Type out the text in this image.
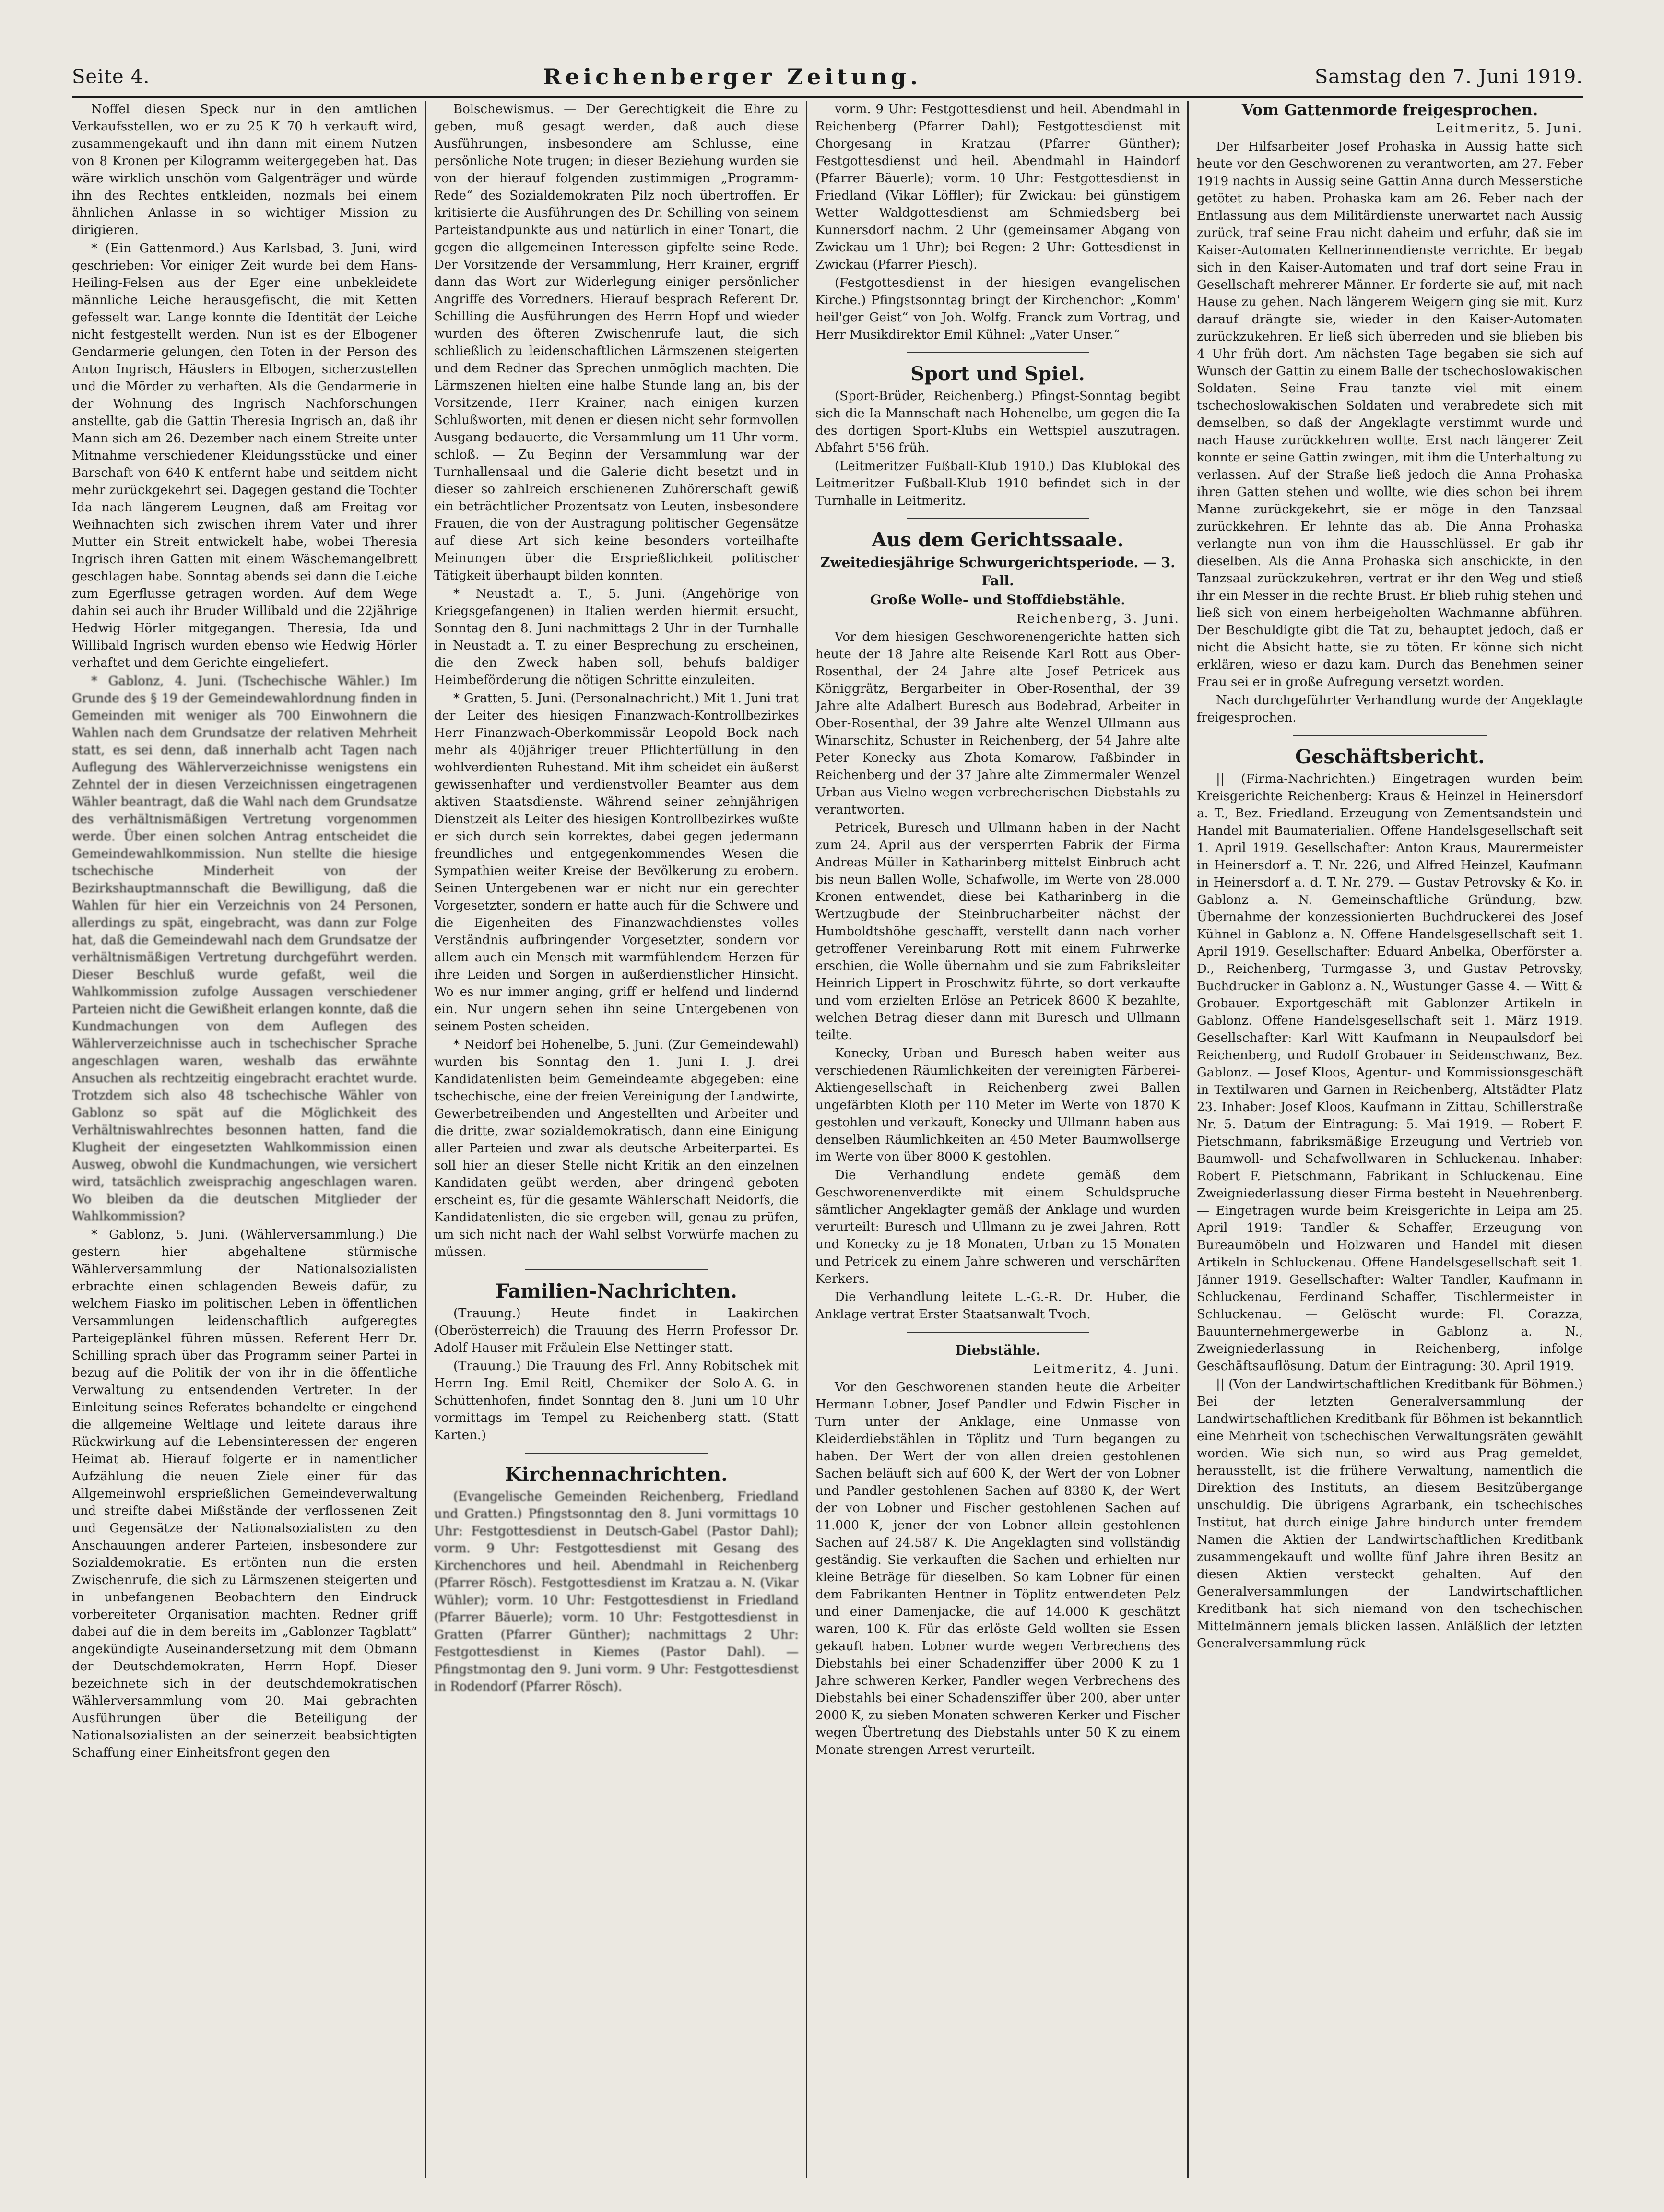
Seite 4.	Reichenberger Zeitung.	Samstag den 7. Juni 1919.

Noffel diesen Speck nur in den amtlichen Verkaufsstellen, wo er zu 25 K 70 h verkauft wird, zusammengekauft und ihn dann mit einem Nutzen von 8 Kronen per Kilogramm weitergegeben hat. Das wäre wirklich unschön vom Galgenträger und würde ihn des Rechtes entkleiden, nozmals bei einem ähnlichen Anlasse in so wichtiger Mission zu dirigieren.

* (Ein Gattenmord.) Aus Karlsbad, 3. Juni, wird geschrieben: Vor einiger Zeit wurde bei dem Hans-Heiling-Felsen aus der Eger eine unbekleidete männliche Leiche herausgefischt, die mit Ketten gefesselt war. Lange konnte die Identität der Leiche nicht festgestellt werden. Nun ist es der Elbogener Gendarmerie gelungen, den Toten in der Person des Anton Ingrisch, Häuslers in Elbogen, sicherzustellen und die Mörder zu verhaften. Als die Gendarmerie in der Wohnung des Ingrisch Nachforschungen anstellte, gab die Gattin Theresia Ingrisch an, daß ihr Mann sich am 26. Dezember nach einem Streite unter Mitnahme verschiedener Kleidungsstücke und einer Barschaft von 640 K entfernt habe und seitdem nicht mehr zurückgekehrt sei. Dagegen gestand die Tochter Ida nach längerem Leugnen, daß am Freitag vor Weihnachten sich zwischen ihrem Vater und ihrer Mutter ein Streit entwickelt habe, wobei Theresia Ingrisch ihren Gatten mit einem Wäschemangelbrett geschlagen habe. Sonntag abends sei dann die Leiche zum Egerflusse getragen worden. Auf dem Wege dahin sei auch ihr Bruder Willibald und die 22jährige Hedwig Hörler mitgegangen. Theresia, Ida und Willibald Ingrisch wurden ebenso wie Hedwig Hörler verhaftet und dem Gerichte eingeliefert.

* Gablonz, 4. Juni. (Tschechische Wähler.) Im Grunde des § 19 der Gemeindewahlordnung finden in Gemeinden mit weniger als 700 Einwohnern die Wahlen nach dem Grundsatze der relativen Mehrheit statt, es sei denn, daß innerhalb acht Tagen nach Auflegung des Wählerverzeichnisse wenigstens ein Zehntel der in diesen Verzeichnissen eingetragenen Wähler beantragt, daß die Wahl nach dem Grundsatze des verhältnismäßigen Vertretung vorgenommen werde. Über einen solchen Antrag entscheidet die Gemeindewahlkommission. Nun stellte die hiesige tschechische Minderheit von der Bezirkshauptmannschaft die Bewilligung, daß die Wahlen für hier ein Verzeichnis von 24 Personen, allerdings zu spät, eingebracht, was dann zur Folge hat, daß die Gemeindewahl nach dem Grundsatze der verhältnismäßigen Vertretung durchgeführt werden. Dieser Beschluß wurde gefaßt, weil die Wahlkommission zufolge Aussagen verschiedener Parteien nicht die Gewißheit erlangen konnte, daß die Kundmachungen von dem Auflegen des Wählerverzeichnisse auch in tschechischer Sprache angeschlagen waren, weshalb das erwähnte Ansuchen als rechtzeitig eingebracht erachtet wurde. Trotzdem sich also 48 tschechische Wähler von Gablonz so spät auf die Möglichkeit des Verhältniswahlrechtes besonnen hatten, fand die Klugheit der eingesetzten Wahlkommission einen Ausweg, obwohl die Kundmachungen, wie versichert wird, tatsächlich zweisprachig angeschlagen waren. Wo bleiben da die deutschen Mitglieder der Wahlkommission?

* Gablonz, 5. Juni. (Wählerversammlung.) Die gestern hier abgehaltene stürmische Wählerversammlung der Nationalsozialisten erbrachte einen schlagenden Beweis dafür, zu welchem Fiasko im politischen Leben in öffentlichen Versammlungen leidenschaftlich aufgeregtes Parteigeplänkel führen müssen. Referent Herr Dr. Schilling sprach über das Programm seiner Partei in bezug auf die Politik der von ihr in die öffentliche Verwaltung zu entsendenden Vertreter. In der Einleitung seines Referates behandelte er eingehend die allgemeine Weltlage und leitete daraus ihre Rückwirkung auf die Lebensinteressen der engeren Heimat ab. Hierauf folgerte er in namentlicher Aufzählung die neuen Ziele einer für das Allgemeinwohl ersprießlichen Gemeindeverwaltung und streifte dabei Mißstände der verflossenen Zeit und Gegensätze der Nationalsozialisten zu den Anschauungen anderer Parteien, insbesondere zur Sozialdemokratie. Es ertönten nun die ersten Zwischenrufe, die sich zu Lärmszenen steigerten und in unbefangenen Beobachtern den Eindruck vorbereiteter Organisation machten. Redner griff dabei auf die in dem bereits im „Gablonzer Tagblatt“ angekündigte Auseinandersetzung mit dem Obmann der Deutschdemokraten, Herrn Hopf. Dieser bezeichnete sich in der deutschdemokratischen Wählerversammlung vom 20. Mai gebrachten Ausführungen über die Beteiligung der Nationalsozialisten an der seinerzeit beabsichtigten Schaffung einer Einheitsfront gegen den

Bolschewismus. — Der Gerechtigkeit die Ehre zu geben, muß gesagt werden, daß auch diese Ausführungen, insbesondere am Schlusse, eine persönliche Note trugen; in dieser Beziehung wurden sie von der hierauf folgenden zustimmigen „Programm-Rede“ des Sozialdemokraten Pilz noch übertroffen. Er kritisierte die Ausführungen des Dr. Schilling von seinem Parteistandpunkte aus und natürlich in einer Tonart, die gegen die allgemeinen Interessen gipfelte seine Rede. Der Vorsitzende der Versammlung, Herr Krainer, ergriff dann das Wort zur Widerlegung einiger persönlicher Angriffe des Vorredners. Hierauf besprach Referent Dr. Schilling die Ausführungen des Herrn Hopf und wieder wurden des öfteren Zwischenrufe laut, die sich schließlich zu leidenschaftlichen Lärmszenen steigerten und dem Redner das Sprechen unmöglich machten. Die Lärmszenen hielten eine halbe Stunde lang an, bis der Vorsitzende, Herr Krainer, nach einigen kurzen Schlußworten, mit denen er diesen nicht sehr formvollen Ausgang bedauerte, die Versammlung um 11 Uhr vorm. schloß. — Zu Beginn der Versammlung war der Turnhallensaal und die Galerie dicht besetzt und in dieser so zahlreich erschienenen Zuhörerschaft gewiß ein beträchtlicher Prozentsatz von Leuten, insbesondere Frauen, die von der Austragung politischer Gegensätze auf diese Art sich keine besonders vorteilhafte Meinungen über die Ersprießlichkeit politischer Tätigkeit überhaupt bilden konnten.

* Neustadt a. T., 5. Juni. (Angehörige von Kriegsgefangenen) in Italien werden hiermit ersucht, Sonntag den 8. Juni nachmittags 2 Uhr in der Turnhalle in Neustadt a. T. zu einer Besprechung zu erscheinen, die den Zweck haben soll, behufs baldiger Heimbeförderung die nötigen Schritte einzuleiten.

* Gratten, 5. Juni. (Personalnachricht.) Mit 1. Juni trat der Leiter des hiesigen Finanzwach-Kontrollbezirkes Herr Finanzwach-Oberkommissär Leopold Bock nach mehr als 40jähriger treuer Pflichterfüllung in den wohlverdienten Ruhestand. Mit ihm scheidet ein äußerst gewissenhafter und verdienstvoller Beamter aus dem aktiven Staatsdienste. Während seiner zehnjährigen Dienstzeit als Leiter des hiesigen Kontrollbezirkes wußte er sich durch sein korrektes, dabei gegen jedermann freundliches und entgegenkommendes Wesen die Sympathien weiter Kreise der Bevölkerung zu erobern. Seinen Untergebenen war er nicht nur ein gerechter Vorgesetzter, sondern er hatte auch für die Schwere und die Eigenheiten des Finanzwachdienstes volles Verständnis aufbringender Vorgesetzter, sondern vor allem auch ein Mensch mit warmfühlendem Herzen für ihre Leiden und Sorgen in außerdienstlicher Hinsicht. Wo es nur immer anging, griff er helfend und lindernd ein. Nur ungern sehen ihn seine Untergebenen von seinem Posten scheiden.

* Neidorf bei Hohenelbe, 5. Juni. (Zur Gemeindewahl) wurden bis Sonntag den 1. Juni I. J. drei Kandidatenlisten beim Gemeindeamte abgegeben: eine tschechische, eine der freien Vereinigung der Landwirte, Gewerbetreibenden und Angestellten und Arbeiter und die dritte, zwar sozialdemokratisch, dann eine Einigung aller Parteien und zwar als deutsche Arbeiterpartei. Es soll hier an dieser Stelle nicht Kritik an den einzelnen Kandidaten geübt werden, aber dringend geboten erscheint es, für die gesamte Wählerschaft Neidorfs, die Kandidatenlisten, die sie ergeben will, genau zu prüfen, um sich nicht nach der Wahl selbst Vorwürfe machen zu müssen.

Familien-Nachrichten.

(Trauung.) Heute findet in Laakirchen (Oberösterreich) die Trauung des Herrn Professor Dr. Adolf Hauser mit Fräulein Else Nettinger statt.

(Trauung.) Die Trauung des Frl. Anny Robitschek mit Herrn Ing. Emil Reitl, Chemiker der Solo-A.-G. in Schüttenhofen, findet Sonntag den 8. Juni um 10 Uhr vormittags im Tempel zu Reichenberg statt. (Statt Karten.)

Kirchennachrichten.

(Evangelische Gemeinden Reichenberg, Friedland und Gratten.) Pfingstsonntag den 8. Juni vormittags 10 Uhr: Festgottesdienst in Deutsch-Gabel (Pastor Dahl); vorm. 9 Uhr: Festgottesdienst mit Gesang des Kirchenchores und heil. Abendmahl in Reichenberg (Pfarrer Rösch). Festgottesdienst im Kratzau a. N. (Vikar Wühler); vorm. 10 Uhr: Festgottesdienst in Friedland (Pfarrer Bäuerle); vorm. 10 Uhr: Festgottesdienst in Gratten (Pfarrer Günther); nachmittags 2 Uhr: Festgottesdienst in Kiemes (Pastor Dahl). — Pfingstmontag den 9. Juni vorm. 9 Uhr: Festgottesdienst in Rodendorf (Pfarrer Rösch).

vorm. 9 Uhr: Festgottesdienst und heil. Abendmahl in Reichenberg (Pfarrer Dahl); Festgottesdienst mit Chorgesang in Kratzau (Pfarrer Günther); Festgottesdienst und heil. Abendmahl in Haindorf (Pfarrer Bäuerle); vorm. 10 Uhr: Festgottesdienst in Friedland (Vikar Löffler); für Zwickau: bei günstigem Wetter Waldgottesdienst am Schmiedsberg bei Kunnersdorf nachm. 2 Uhr (gemeinsamer Abgang von Zwickau um 1 Uhr); bei Regen: 2 Uhr: Gottesdienst in Zwickau (Pfarrer Piesch).

(Festgottesdienst in der hiesigen evangelischen Kirche.) Pfingstsonntag bringt der Kirchenchor: „Komm' heil'ger Geist“ von Joh. Wolfg. Franck zum Vortrag, und Herr Musikdirektor Emil Kühnel: „Vater Unser.“

Sport und Spiel.

(Sport-Brüder, Reichenberg.) Pfingst-Sonntag begibt sich die Ia-Mannschaft nach Hohenelbe, um gegen die Ia des dortigen Sport-Klubs ein Wettspiel auszutragen. Abfahrt 5'56 früh.

(Leitmeritzer Fußball-Klub 1910.) Das Klublokal des Leitmeritzer Fußball-Klub 1910 befindet sich in der Turnhalle in Leitmeritz.

Aus dem Gerichtssaale.

Zweitediesjährige Schwurgerichtsperiode. — 3. Fall.

Große Wolle- und Stoffdiebstähle.

Reichenberg, 3. Juni.

Vor dem hiesigen Geschworenengerichte hatten sich heute der 18 Jahre alte Reisende Karl Rott aus Ober-Rosenthal, der 24 Jahre alte Josef Petricek aus Königgrätz, Bergarbeiter in Ober-Rosenthal, der 39 Jahre alte Adalbert Buresch aus Bodebrad, Arbeiter in Ober-Rosenthal, der 39 Jahre alte Wenzel Ullmann aus Winarschitz, Schuster in Reichenberg, der 54 Jahre alte Peter Konecky aus Zhota Komarow, Faßbinder in Reichenberg und der 37 Jahre alte Zimmermaler Wenzel Urban aus Vielno wegen verbrecherischen Diebstahls zu verantworten.

Petricek, Buresch und Ullmann haben in der Nacht zum 24. April aus der versperrten Fabrik der Firma Andreas Müller in Katharinberg mittelst Einbruch acht bis neun Ballen Wolle, Schafwolle, im Werte von 28.000 Kronen entwendet, diese bei Katharinberg in die Wertzugbude der Steinbrucharbeiter nächst der Humboldtshöhe geschafft, verstellt dann nach vorher getroffener Vereinbarung Rott mit einem Fuhrwerke erschien, die Wolle übernahm und sie zum Fabriksleiter Heinrich Lippert in Proschwitz führte, so dort verkaufte und vom erzielten Erlöse an Petricek 8600 K bezahlte, welchen Betrag dieser dann mit Buresch und Ullmann teilte.

Konecky, Urban und Buresch haben weiter aus verschiedenen Räumlichkeiten der vereinigten Färberei-Aktiengesellschaft in Reichenberg zwei Ballen ungefärbten Kloth per 110 Meter im Werte von 1870 K gestohlen und verkauft, Konecky und Ullmann haben aus denselben Räumlichkeiten an 450 Meter Baumwollserge im Werte von über 8000 K gestohlen.

Die Verhandlung endete gemäß dem Geschworenenverdikte mit einem Schuldspruche sämtlicher Angeklagter gemäß der Anklage und wurden verurteilt: Buresch und Ullmann zu je zwei Jahren, Rott und Konecky zu je 18 Monaten, Urban zu 15 Monaten und Petricek zu einem Jahre schweren und verschärften Kerkers.

Die Verhandlung leitete L.-G.-R. Dr. Huber, die Anklage vertrat Erster Staatsanwalt Tvoch.

Diebstähle.

Leitmeritz, 4. Juni.

Vor den Geschworenen standen heute die Arbeiter Hermann Lobner, Josef Pandler und Edwin Fischer in Turn unter der Anklage, eine Unmasse von Kleiderdiebstählen in Töplitz und Turn begangen zu haben. Der Wert der von allen dreien gestohlenen Sachen beläuft sich auf 600 K, der Wert der von Lobner und Pandler gestohlenen Sachen auf 8380 K, der Wert der von Lobner und Fischer gestohlenen Sachen auf 11.000 K, jener der von Lobner allein gestohlenen Sachen auf 24.587 K. Die Angeklagten sind vollständig geständig. Sie verkauften die Sachen und erhielten nur kleine Beträge für dieselben. So kam Lobner für einen dem Fabrikanten Hentner in Töplitz entwendeten Pelz und einer Damenjacke, die auf 14.000 K geschätzt waren, 100 K. Für das erlöste Geld wollten sie Essen gekauft haben. Lobner wurde wegen Verbrechens des Diebstahls bei einer Schadenziffer über 2000 K zu 1 Jahre schweren Kerker, Pandler wegen Verbrechens des Diebstahls bei einer Schadensziffer über 200, aber unter 2000 K, zu sieben Monaten schweren Kerker und Fischer wegen Übertretung des Diebstahls unter 50 K zu einem Monate strengen Arrest verurteilt.

Vom Gattenmorde freigesprochen.

Leitmeritz, 5. Juni.

Der Hilfsarbeiter Josef Prohaska in Aussig hatte sich heute vor den Geschworenen zu verantworten, am 27. Feber 1919 nachts in Aussig seine Gattin Anna durch Messerstiche getötet zu haben. Prohaska kam am 26. Feber nach der Entlassung aus dem Militärdienste unerwartet nach Aussig zurück, traf seine Frau nicht daheim und erfuhr, daß sie im Kaiser-Automaten Kellnerinnendienste verrichte. Er begab sich in den Kaiser-Automaten und traf dort seine Frau in Gesellschaft mehrerer Männer. Er forderte sie auf, mit nach Hause zu gehen. Nach längerem Weigern ging sie mit. Kurz darauf drängte sie, wieder in den Kaiser-Automaten zurückzukehren. Er ließ sich überreden und sie blieben bis 4 Uhr früh dort. Am nächsten Tage begaben sie sich auf Wunsch der Gattin zu einem Balle der tschechoslowakischen Soldaten. Seine Frau tanzte viel mit einem tschechoslowakischen Soldaten und verabredete sich mit demselben, so daß der Angeklagte verstimmt wurde und nach Hause zurückkehren wollte. Erst nach längerer Zeit konnte er seine Gattin zwingen, mit ihm die Unterhaltung zu verlassen. Auf der Straße ließ jedoch die Anna Prohaska ihren Gatten stehen und wollte, wie dies schon bei ihrem Manne zurückgekehrt, sie er möge in den Tanzsaal zurückkehren. Er lehnte das ab. Die Anna Prohaska verlangte nun von ihm die Hausschlüssel. Er gab ihr dieselben. Als die Anna Prohaska sich anschickte, in den Tanzsaal zurückzukehren, vertrat er ihr den Weg und stieß ihr ein Messer in die rechte Brust. Er blieb ruhig stehen und ließ sich von einem herbeigeholten Wachmanne abführen. Der Beschuldigte gibt die Tat zu, behauptet jedoch, daß er nicht die Absicht hatte, sie zu töten. Er könne sich nicht erklären, wieso er dazu kam. Durch das Benehmen seiner Frau sei er in große Aufregung versetzt worden.

Nach durchgeführter Verhandlung wurde der Angeklagte freigesprochen.

Geschäftsbericht.

|| (Firma-Nachrichten.) Eingetragen wurden beim Kreisgerichte Reichenberg: Kraus & Heinzel in Heinersdorf a. T., Bez. Friedland. Erzeugung von Zementsandstein und Handel mit Baumaterialien. Offene Handelsgesellschaft seit 1. April 1919. Gesellschafter: Anton Kraus, Maurermeister in Heinersdorf a. T. Nr. 226, und Alfred Heinzel, Kaufmann in Heinersdorf a. d. T. Nr. 279. — Gustav Petrovsky & Ko. in Gablonz a. N. Gemeinschaftliche Gründung, bzw. Übernahme der konzessionierten Buchdruckerei des Josef Kühnel in Gablonz a. N. Offene Handelsgesellschaft seit 1. April 1919. Gesellschafter: Eduard Anbelka, Oberförster a. D., Reichenberg, Turmgasse 3, und Gustav Petrovsky, Buchdrucker in Gablonz a. N., Wustunger Gasse 4. — Witt & Grobauer. Exportgeschäft mit Gablonzer Artikeln in Gablonz. Offene Handelsgesellschaft seit 1. März 1919. Gesellschafter: Karl Witt Kaufmann in Neupaulsdorf bei Reichenberg, und Rudolf Grobauer in Seidenschwanz, Bez. Gablonz. — Josef Kloos, Agentur- und Kommissionsgeschäft in Textilwaren und Garnen in Reichenberg, Altstädter Platz 23. Inhaber: Josef Kloos, Kaufmann in Zittau, Schillerstraße Nr. 5. Datum der Eintragung: 5. Mai 1919. — Robert F. Pietschmann, fabriksmäßige Erzeugung und Vertrieb von Baumwoll- und Schafwollwaren in Schluckenau. Inhaber: Robert F. Pietschmann, Fabrikant in Schluckenau. Eine Zweigniederlassung dieser Firma besteht in Neuehrenberg. — Eingetragen wurde beim Kreisgerichte in Leipa am 25. April 1919: Tandler & Schaffer, Erzeugung von Bureaumöbeln und Holzwaren und Handel mit diesen Artikeln in Schluckenau. Offene Handelsgesellschaft seit 1. Jänner 1919. Gesellschafter: Walter Tandler, Kaufmann in Schluckenau, Ferdinand Schaffer, Tischlermeister in Schluckenau. — Gelöscht wurde: Fl. Corazza, Bauunternehmergewerbe in Gablonz a. N., Zweigniederlassung in Reichenberg, infolge Geschäftsauflösung. Datum der Eintragung: 30. April 1919.

|| (Von der Landwirtschaftlichen Kreditbank für Böhmen.) Bei der letzten Generalversammlung der Landwirtschaftlichen Kreditbank für Böhmen ist bekanntlich eine Mehrheit von tschechischen Verwaltungsräten gewählt worden. Wie sich nun, so wird aus Prag gemeldet, herausstellt, ist die frühere Verwaltung, namentlich die Direktion des Instituts, an diesem Besitzübergange unschuldig. Die übrigens Agrarbank, ein tschechisches Institut, hat durch einige Jahre hindurch unter fremdem Namen die Aktien der Landwirtschaftlichen Kreditbank zusammengekauft und wollte fünf Jahre ihren Besitz an diesen Aktien versteckt gehalten. Auf den Generalversammlungen der Landwirtschaftlichen Kreditbank hat sich niemand von den tschechischen Mittelmännern jemals blicken lassen. Anläßlich der letzten Generalversammlung rück-
